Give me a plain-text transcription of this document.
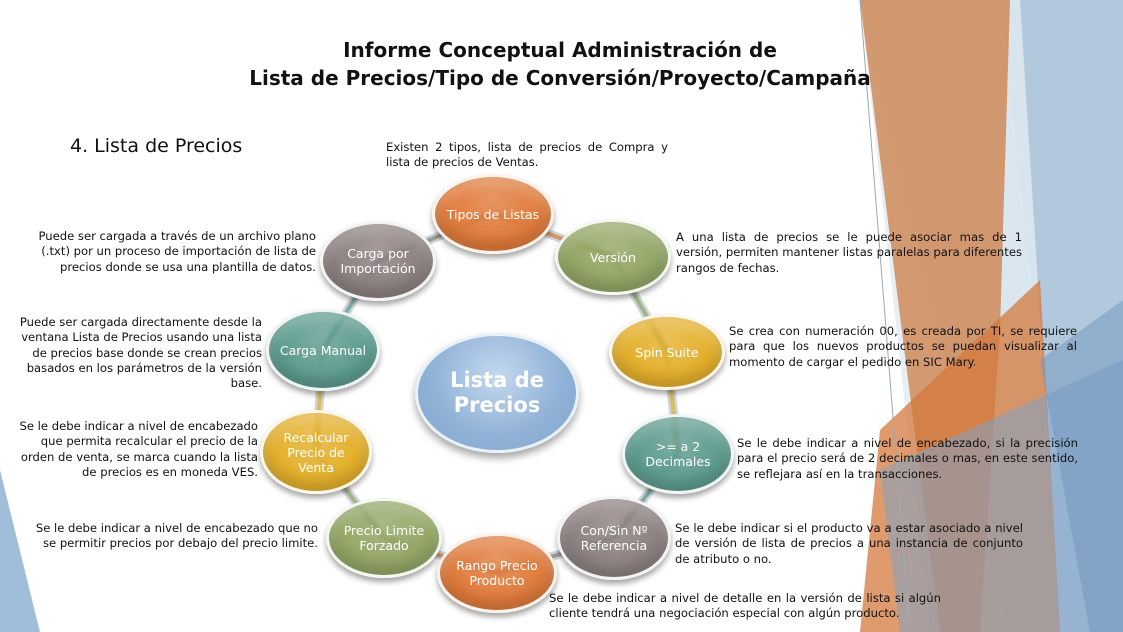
Informe Conceptual Administración de
Lista de Precios/Tipo de Conversión/Proyecto/Campaña
4. Lista de Precios
Lista de Precios
Tipos de Listas
Versión
Spin Suite
>= a 2 Decimales
Con/Sin Nº Referencia
Rango Precio Producto
Precio Limite Forzado
Recalcular Precio de Venta
Carga Manual
Carga por Importación
Existen 2 tipos, lista de precios de Compra y lista de precios de Ventas.
A una lista de precios se le puede asociar mas de 1 versión, permiten mantener listas paralelas para diferentes rangos de fechas.
Se crea con numeración 00, es creada por TI, se requiere para que los nuevos productos se puedan visualizar al momento de cargar el pedido en SIC Mary.
Se le debe indicar a nivel de encabezado, si la precisión para el precio será de 2 decimales o mas, en este sentido, se reflejara así en la transacciones.
Se le debe indicar si el producto va a estar asociado a nivel de versión de lista de precios a una instancia de conjunto de atributo o no.
Se le debe indicar a nivel de detalle en la versión de lista si algún cliente tendrá una negociación especial con algún producto.
Se le debe indicar a nivel de encabezado que no se permitir precios por debajo del precio limite.
Se le debe indicar a nivel de encabezado que permita recalcular el precio de la orden de venta, se marca cuando la lista de precios es en moneda VES.
Puede ser cargada directamente desde la ventana Lista de Precios usando una lista de precios base donde se crean precios basados en los parámetros de la versión base.
Puede ser cargada a través de un archivo plano (.txt) por un proceso de importación de lista de precios donde se usa una plantilla de datos.
